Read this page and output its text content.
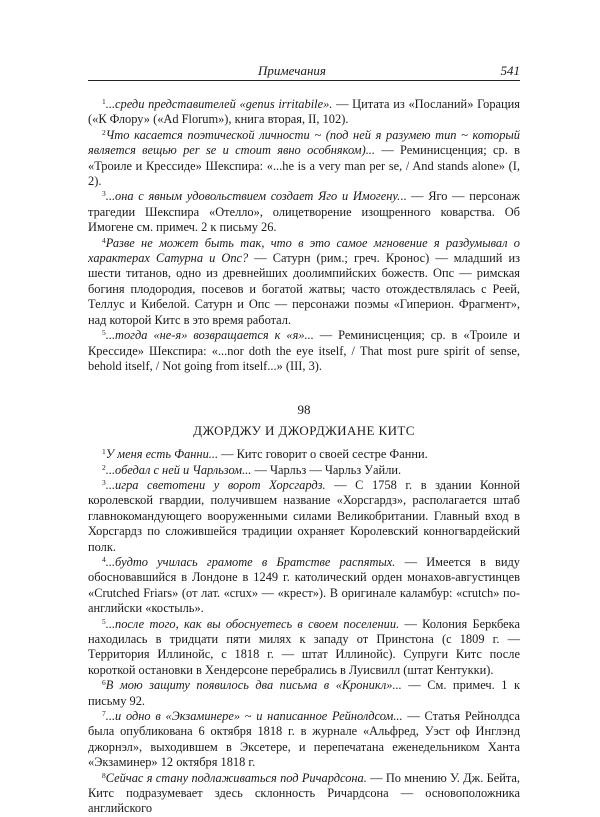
Примечания	541

$^1$...среди представителей «genus irritabile». — Цитата из «Посланий» Горация («К Флору» («Ad Florum»), книга вторая, II, 102).

$^2$Что касается поэтической личности ~ (под ней я разумею тип ~ который является вещью per se и стоит явно особняком)... — Реминисценция; ср. в «Троиле и Крессиде» Шекспира: «...he is a very man per se, / And stands alone» (I, 2).

$^3$...она с явным удовольствием создает Яго и Имогену... — Яго — персонаж трагедии Шекспира «Отелло», олицетворение изощренного коварства. Об Имогене см. примеч. 2 к письму 26.

$^4$Разве не может быть так, что в это самое мгновение я раздумывал о характерах Сатурна и Опс? — Сатурн (рим.; греч. Кронос) — младший из шести титанов, одно из древнейших доолимпийских божеств. Опс — римская богиня плодородия, посевов и богатой жатвы; часто отождествлялась с Реей, Теллус и Кибелой. Сатурн и Опс — персонажи поэмы «Гиперион. Фрагмент», над которой Китс в это время работал.

$^5$...тогда «не-я» возвращается к «я»... — Реминисценция; ср. в «Троиле и Крессиде» Шекспира: «...nor doth the eye itself, / That most pure spirit of sense, behold itself, / Not going from itself...» (III, 3).

98
ДЖОРДЖУ И ДЖОРДЖИАНЕ КИТС

$^1$У меня есть Фанни... — Китс говорит о своей сестре Фанни.

$^2$...обедал с ней и Чарльзом... — Чарльз — Чарльз Уайли.

$^3$...игра светотени у ворот Хорсгардз. — С 1758 г. в здании Конной королевской гвардии, получившем название «Хорсгардз», располагается штаб главнокомандующего вооруженными силами Великобритании. Главный вход в Хорсгардз по сложившейся традиции охраняет Королевский конногвардейский полк.

$^4$...будто училась грамоте в Братстве распятых. — Имеется в виду обосновавшийся в Лондоне в 1249 г. католический орден монахов-августинцев «Crutched Friars» (от лат. «crux» — «крест»). В оригинале каламбур: «crutch» по-английски «костыль».

$^5$...после того, как вы обоснуетесь в своем поселении. — Колония Беркбека находилась в тридцати пяти милях к западу от Принстона (с 1809 г. — Территория Иллинойс, с 1818 г. — штат Иллинойс). Супруги Китс после короткой остановки в Хендерсоне перебрались в Луисвилл (штат Кентукки).

$^6$В мою защиту появилось два письма в «Кроникл»... — См. примеч. 1 к письму 92.

$^7$...и одно в «Экзаминере» ~ и написанное Рейнолдсом... — Статья Рейнолдса была опубликована 6 октября 1818 г. в журнале «Альфред, Уэст оф Инглэнд джорнэл», выходившем в Эксетере, и перепечатана еженедельником Ханта «Экзаминер» 12 октября 1818 г.

$^8$Сейчас я стану подлаживаться под Ричардсона. — По мнению У. Дж. Бейта, Китс подразумевает здесь склонность Ричардсона — основоположника английского
